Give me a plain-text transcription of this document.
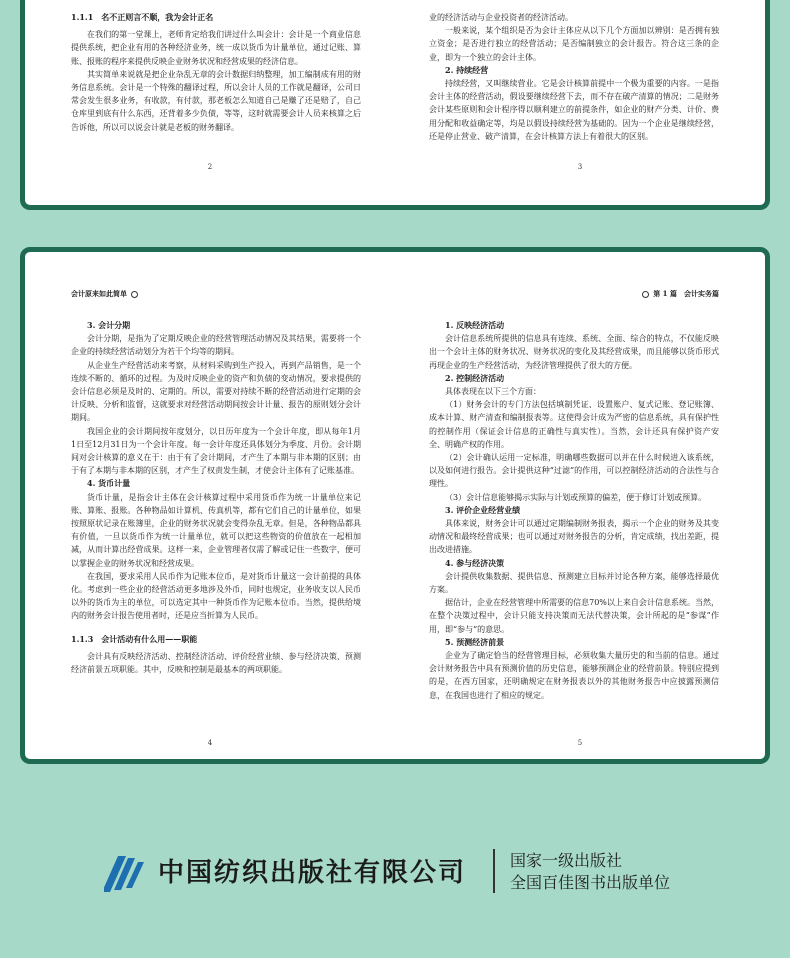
1.1.1　名不正则言不顺，我为会计正名

在我们的第一堂课上，老师肯定给我们讲过什么叫会计：会计是一个商业信息提供系统，把企业有用的各种经济业务，统一成以货币为计量单位，通过记账、算账、报账的程序来提供反映企业财务状况和经营成果的经济信息。

其实简单来说就是把企业杂乱无章的会计数据归纳整理，加工编制成有用的财务信息系统。会计是一个特殊的翻译过程，所以会计人员的工作就是翻译，公司日常会发生很多业务，有收款，有付款，那老板怎么知道自己是赚了还是赔了，自己仓库里到底有什么东西，还背着多少负债，等等，这时就需要会计人员来核算之后告诉他，所以可以说会计就是老板的财务翻译。

2

业的经济活动与企业投资者的经济活动。

一般来说，某个组织是否为会计主体应从以下几个方面加以辨别：是否拥有独立资金；是否进行独立的经营活动；是否编制独立的会计报告。符合这三条的企业，即为一个独立的会计主体。

2. 持续经营

持续经营，又叫继续营业。它是会计核算前提中一个极为重要的内容。一是指会计主体的经营活动，假设要继续经营下去，而不存在破产清算的情况；二是财务会计某些原则和会计程序得以顺利建立的前提条件，如企业的财产分类、计价、费用分配和收益确定等，均是以假设持续经营为基础的。因为一个企业是继续经营，还是停止营业、破产清算，在会计核算方法上有着很大的区别。

3
会计原来如此简单	第 1 篇　会计实务篇

3. 会计分期

会计分期，是指为了定期反映企业的经营管理活动情况及其结果，需要将一个企业的持续经营活动划分为若干个均等的期间。

从企业生产经营活动来考察，从材料采购到生产投入，再到产品销售，是一个连续不断的、循环的过程。为及时反映企业的资产和负债的变动情况，要求提供的会计信息必须是及时的、定期的。所以，需要对持续不断的经营活动进行定期的会计反映、分析和监督，这就要求对经营活动期间按会计计量、报告的原则划分会计期间。

我国企业的会计期间按年度划分，以日历年度为一个会计年度，即从每年1月1日至12月31日为一个会计年度。每一会计年度还具体划分为季度、月份。会计期间对会计核算的意义在于：由于有了会计期间，才产生了本期与非本期的区别；由于有了本期与非本期的区别，才产生了权责发生制，才使会计主体有了记账基准。

4. 货币计量

货币计量，是指会计主体在会计核算过程中采用货币作为统一计量单位来记账、算账、报账。各种物品如计算机、传真机等，都有它们自己的计量单位，如果按照原状记录在账簿里，企业的财务状况就会变得杂乱无章。但是，各种物品都具有价值，一旦以货币作为统一计量单位，就可以把这些物资的价值放在一起相加减，从而计算出经营成果。这样一来，企业管理者仅需了解或记住一些数字，便可以掌握企业的财务状况和经营成果。

在我国，要求采用人民币作为记账本位币，是对货币计量这一会计前提的具体化。考虑到一些企业的经营活动更多地涉及外币，同时也规定，业务收支以人民币以外的货币为主的单位，可以选定其中一种货币作为记账本位币。当然，提供给境内的财务会计报告使用者时，还是应当折算为人民币。

1.1.3　会计活动有什么用——职能

会计具有反映经济活动、控制经济活动、评价经营业绩、参与经济决策、预测经济前景五项职能。其中，反映和控制是最基本的两项职能。

4

1. 反映经济活动

会计信息系统所提供的信息具有连续、系统、全面、综合的特点，不仅能反映出一个会计主体的财务状况、财务状况的变化及其经营成果，而且能够以货币形式再现企业的生产经营活动，为经济管理提供了很大的方便。

2. 控制经济活动

具体表现在以下三个方面：

（1）财务会计的专门方法包括填制凭证、设置账户、复式记账、登记账簿、成本计算、财产清查和编制报表等。这使得会计成为严密的信息系统，具有保护性的控制作用（保证会计信息的正确性与真实性）。当然，会计还具有保护资产安全、明确产权的作用。

（2）会计确认运用一定标准，明确哪些数据可以并在什么时候进入该系统，以及如何进行报告。会计提供这种“过滤”的作用，可以控制经济活动的合法性与合理性。

（3）会计信息能够揭示实际与计划或预算的偏差，便于修订计划或预算。

3. 评价企业经营业绩

具体来说，财务会计可以通过定期编制财务报表，揭示一个企业的财务及其变动情况和最终经营成果；也可以通过对财务报告的分析，肯定成绩，找出差距，提出改进措施。

4. 参与经济决策

会计提供收集数据、提供信息、预测建立目标并讨论各种方案，能够选择最优方案。

据估计，企业在经营管理中所需要的信息70%以上来自会计信息系统。当然，在整个决策过程中，会计只能支持决策而无法代替决策，会计所起的是“参谋”作用，即“参与”的意思。

5. 预测经济前景

企业为了确定恰当的经营管理目标，必须收集大量历史的和当前的信息。通过会计财务报告中具有预测价值的历史信息，能够预测企业的经营前景。特别应提到的是，在西方国家，还明确规定在财务报表以外的其他财务报告中应披露预测信息，在我国也进行了相应的规定。

5
中国纺织出版社有限公司	国家一级出版社
全国百佳图书出版单位
